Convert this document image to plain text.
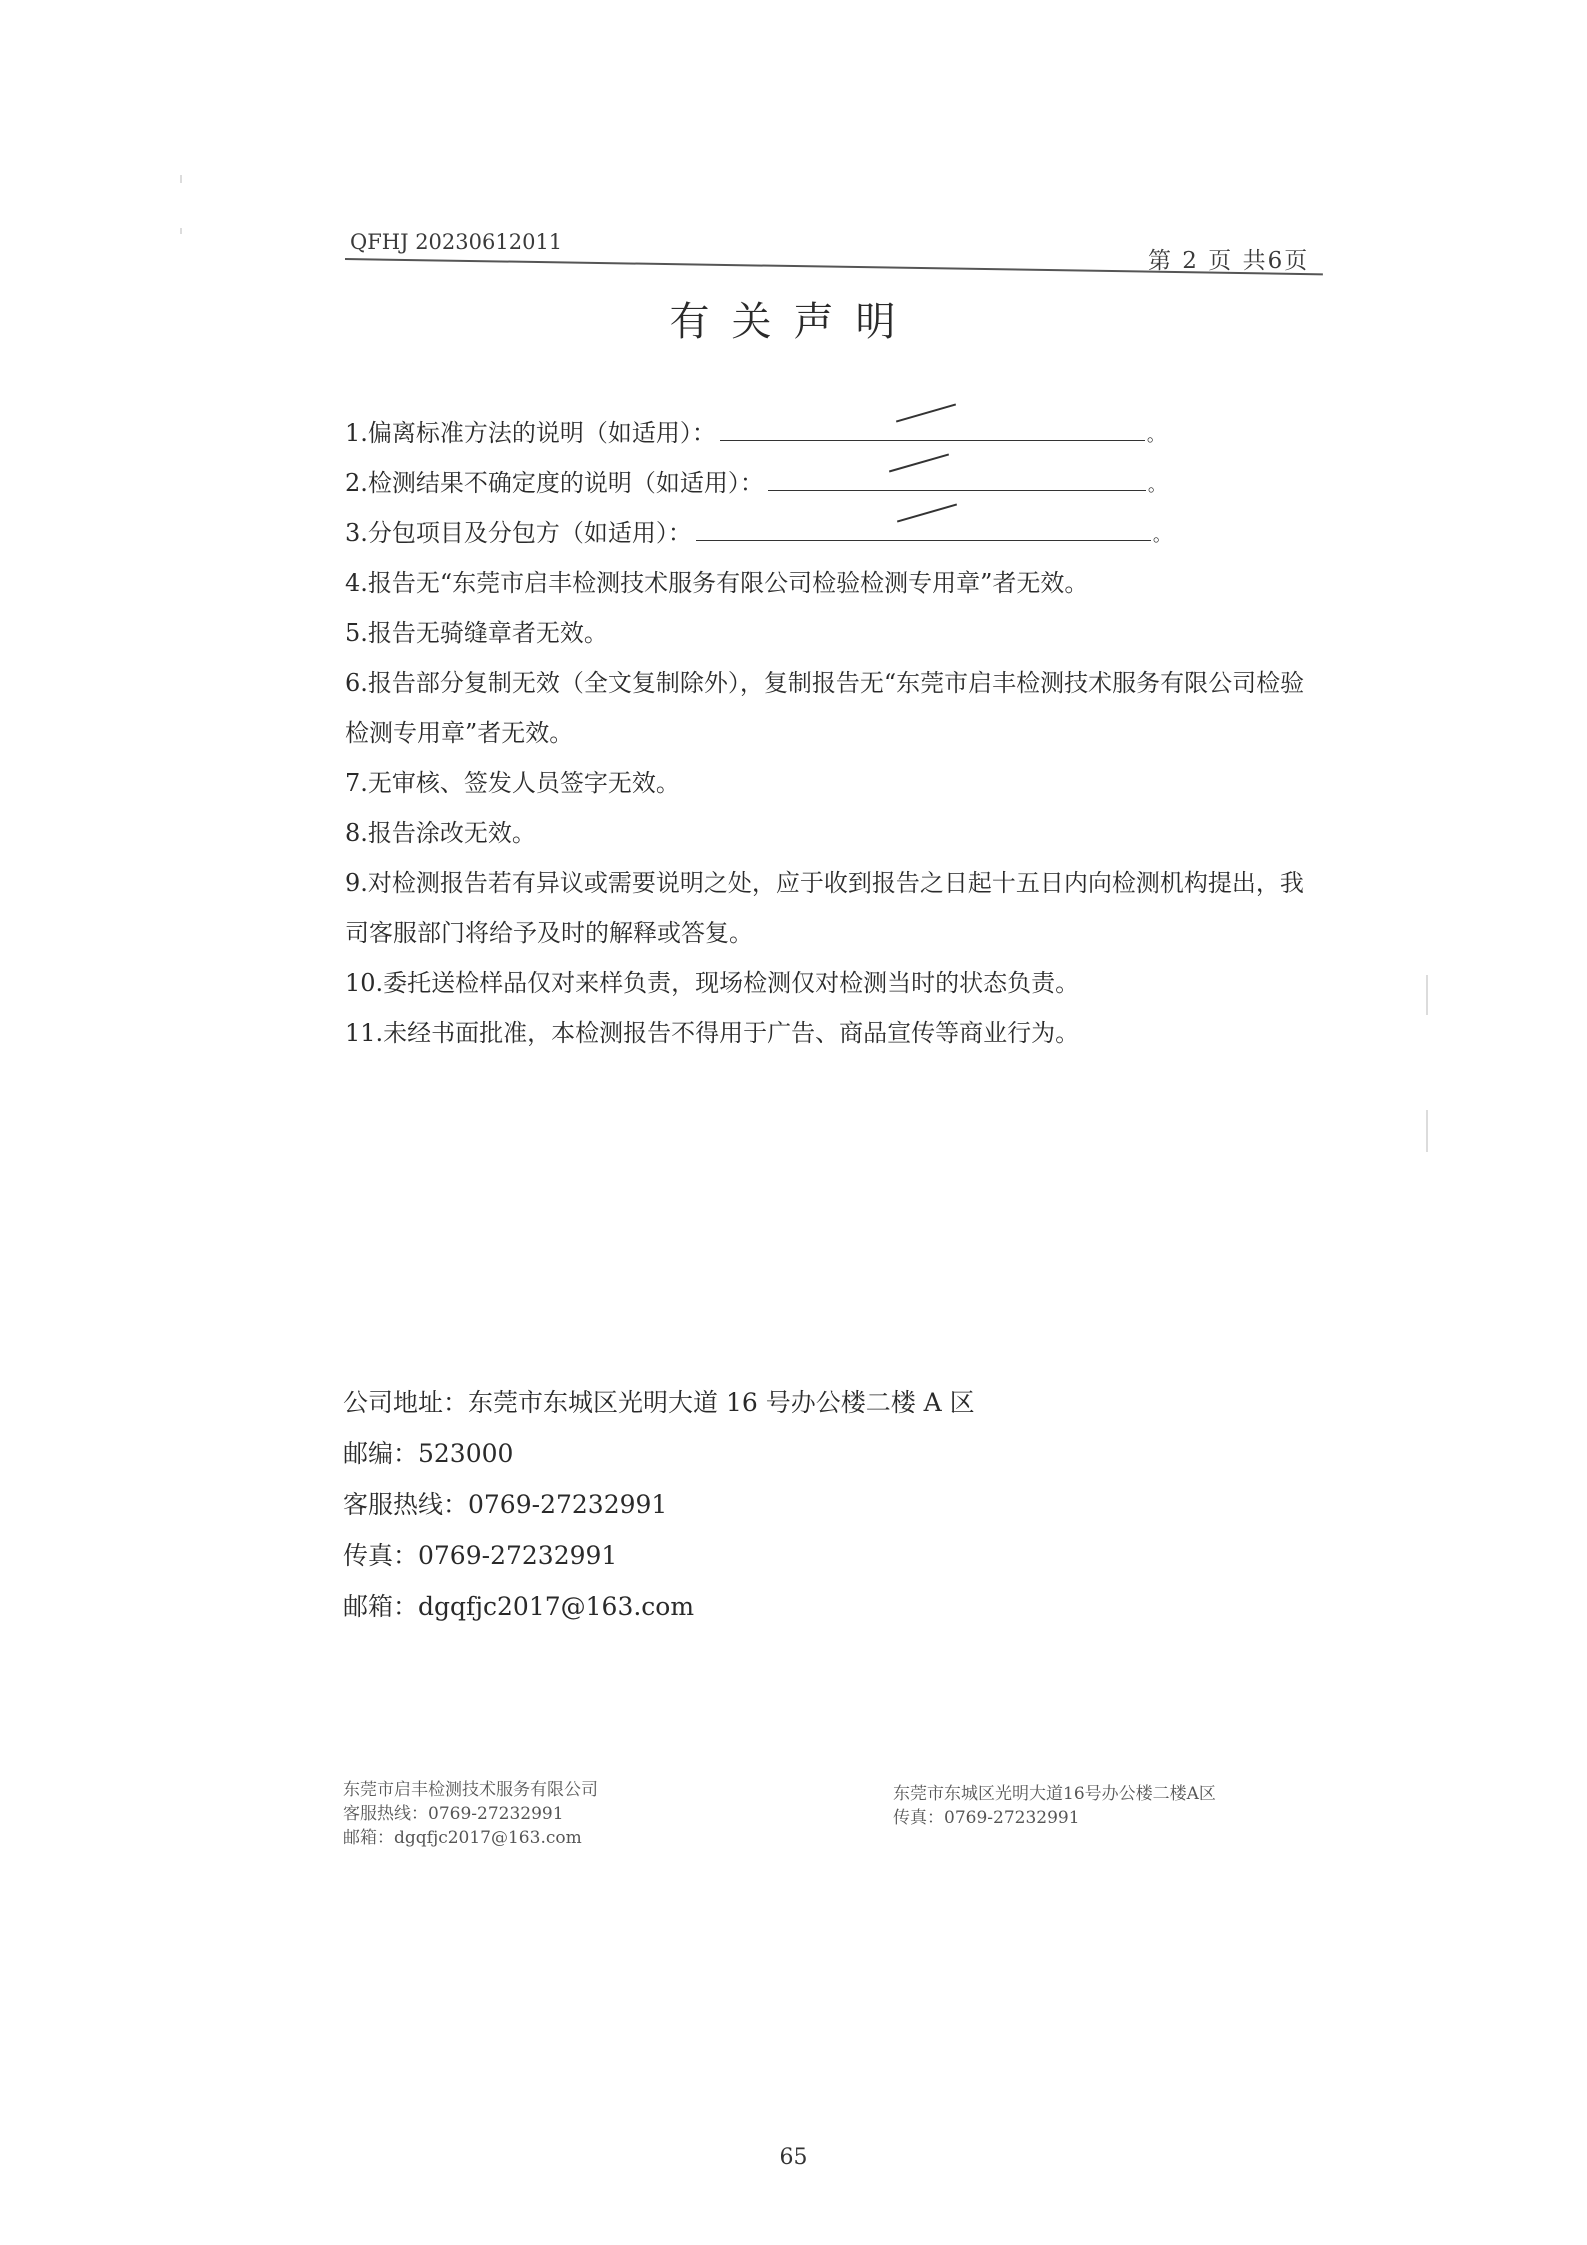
QFHJ 20230612011
第 2 页 共6页
有关声明
1.偏离标准方法的说明（如适用）：	。
2.检测结果不确定度的说明（如适用）：	。
3.分包项目及分包方（如适用）：	。
4.报告无“东莞市启丰检测技术服务有限公司检验检测专用章”者无效。
5.报告无骑缝章者无效。
6.报告部分复制无效（全文复制除外），复制报告无“东莞市启丰检测技术服务有限公司检验检测专用章”者无效。
7.无审核、签发人员签字无效。
8.报告涂改无效。
9.对检测报告若有异议或需要说明之处，应于收到报告之日起十五日内向检测机构提出，我司客服部门将给予及时的解释或答复。
10.委托送检样品仅对来样负责，现场检测仅对检测当时的状态负责。
11.未经书面批准，本检测报告不得用于广告、商品宣传等商业行为。
公司地址：东莞市东城区光明大道 16 号办公楼二楼 A 区
邮编：523000
客服热线：0769-27232991
传真：0769-27232991
邮箱：dgqfjc2017@163.com
东莞市启丰检测技术服务有限公司
客服热线：0769-27232991
邮箱：dgqfjc2017@163.com
东莞市东城区光明大道16号办公楼二楼A区
传真：0769-27232991
65
